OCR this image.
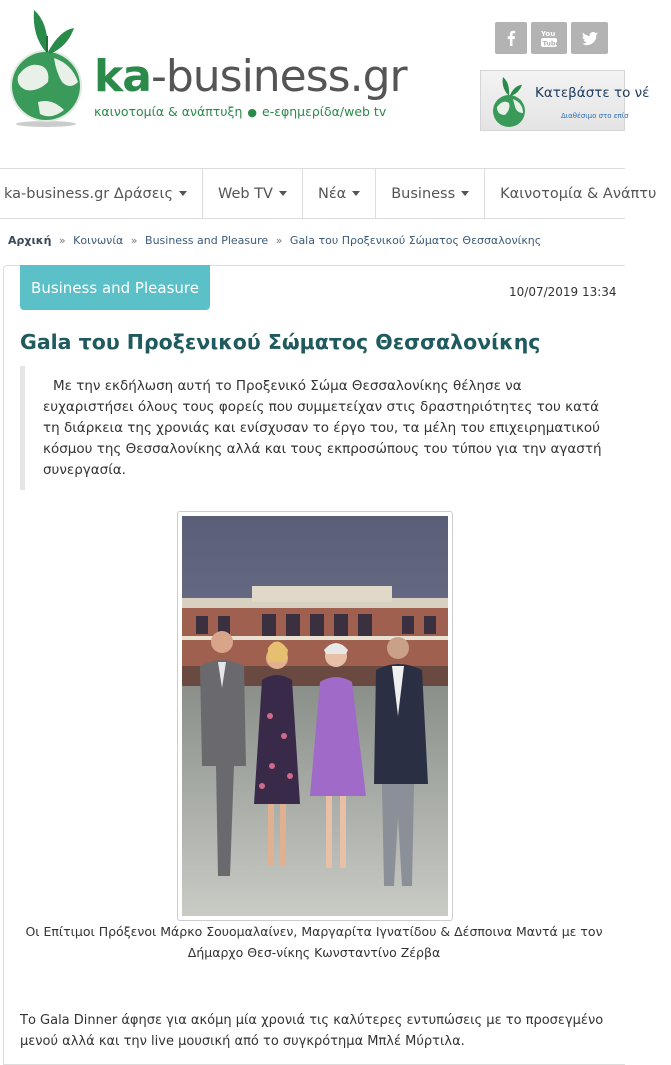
ka-business.gr
καινοτομία & ανάπτυξη ● e-εφημερίδα/web tv
You
Tube
Κατεβάστε το νέ
Διαθέσιμο στο επίσ
ka-business.gr Δράσεις	Web TV	Νέα	Business	Καινοτομία & Ανάπτυ
Αρχική » Κοινωνία » Business and Pleasure » Gala του Προξενικού Σώματος Θεσσαλονίκης
Business and Pleasure	10/07/2019 13:34
Gala του Προξενικού Σώματος Θεσσαλονίκης

Με την εκδήλωση αυτή το Προξενικό Σώμα Θεσσαλονίκης θέλησε να ευχαριστήσει όλους τους φορείς που συμμετείχαν στις δραστηριότητες του κατά τη διάρκεια της χρονιάς και ενίσχυσαν το έργο του, τα μέλη του επιχειρηματικού κόσμου της Θεσσαλονίκης αλλά και τους εκπροσώπους του τύπου για την αγαστή συνεργασία.

Οι Επίτιμοι Πρόξενοι Μάρκο Σουομαλαίνεν, Μαργαρίτα Ιγνατίδου & Δέσποινα Μαντά με τον
Δήμαρχο Θεσ-νίκης Κωνσταντίνο Ζέρβα

Το Gala Dinner άφησε για ακόμη μία χρονιά τις καλύτερες εντυπώσεις με το προσεγμένο μενού αλλά και την live μουσική από το συγκρότημα Μπλέ Μύρτιλα.
